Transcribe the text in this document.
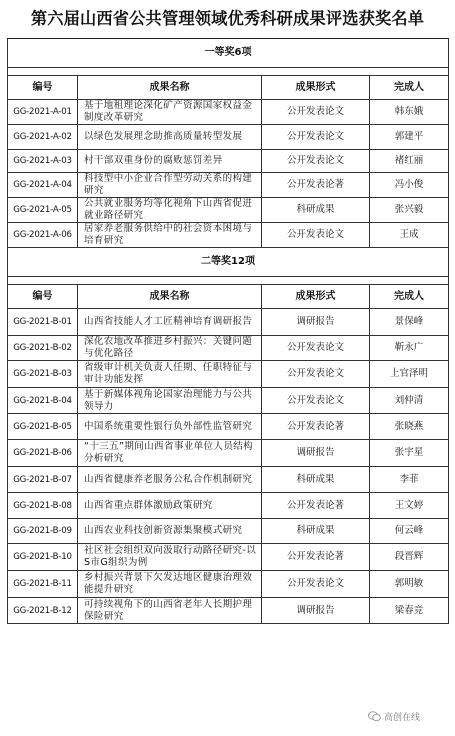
第六届山西省公共管理领域优秀科研成果评选获奖名单
一等奖6项			

编号	成果名称	成果形式	完成人
GG-2021-A-01	基于地租理论深化矿产资源国家权益金制度改革研究	公开发表论文	韩东娥
GG-2021-A-02	以绿色发展理念助推高质量转型发展	公开发表论文	郭建平
GG-2021-A-03	村干部双重身份的腐败惩罚差异	公开发表论文	褚红丽
GG-2021-A-04	科技型中小企业合作型劳动关系的构建研究	公开发表论著	冯小俊
GG-2021-A-05	公共就业服务均等化视角下山西省促进就业路径研究	科研成果	张兴毅
GG-2021-A-06	居家养老服务供给中的社会资本困境与培育研究	公开发表论文	王成
二等奖12项			

编号	成果名称	成果形式	完成人
GG-2021-B-01	山西省技能人才工匠精神培育调研报告	调研报告	景保峰
GG-2021-B-02	深化农地改革推进乡村振兴：关键问题与优化路径	公开发表论文	靳永广
GG-2021-B-03	省级审计机关负责人任期、任职特征与审计功能发挥	公开发表论文	上官泽明
GG-2021-B-04	基于新媒体视角论国家治理能力与公共领导力	公开发表论文	刘仲清
GG-2021-B-05	中国系统重要性银行负外部性监管研究	公开发表论著	张晓燕
GG-2021-B-06	“十三五”期间山西省事业单位人员结构分析研究	调研报告	张宇星
GG-2021-B-07	山西省健康养老服务公私合作机制研究	科研成果	李菲
GG-2021-B-08	山西省重点群体激励政策研究	公开发表论著	王文婷
GG-2021-B-09	山西农业科技创新资源集聚模式研究	科研成果	何云峰
GG-2021-B-10	社区社会组织双向汲取行动路径研究-以S市G组织为例	公开发表论著	段晋辉
GG-2021-B-11	乡村振兴背景下欠发达地区健康治理效能提升研究	公开发表论文	郭明敏
GG-2021-B-12	可持续视角下的山西省老年人长期护理保险研究	调研报告	梁春竞
高创在线
